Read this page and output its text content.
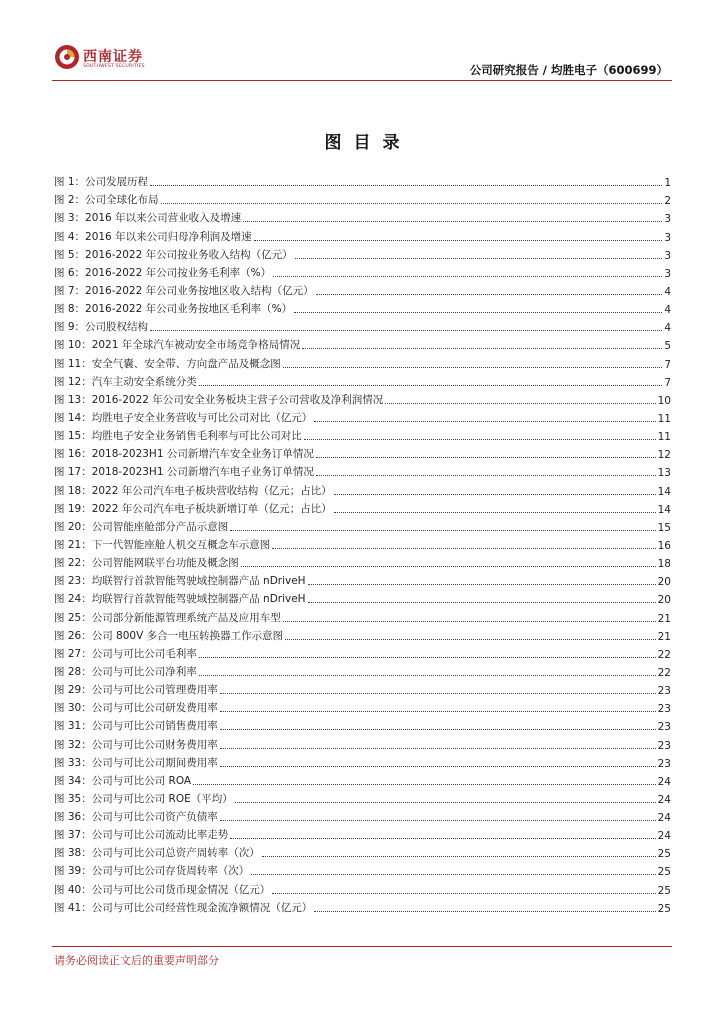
西南证券
SOUTHWEST SECURITIES	公司研究报告 / 均胜电子（600699）
图目录
图 1：公司发展历程	1
图 2：公司全球化布局	2
图 3：2016 年以来公司营业收入及增速	3
图 4：2016 年以来公司归母净利润及增速	3
图 5：2016-2022 年公司按业务收入结构（亿元）	3
图 6：2016-2022 年公司按业务毛利率（%）	3
图 7：2016-2022 年公司业务按地区收入结构（亿元）	4
图 8：2016-2022 年公司业务按地区毛利率（%）	4
图 9：公司股权结构	4
图 10：2021 年全球汽车被动安全市场竞争格局情况	5
图 11：安全气囊、安全带、方向盘产品及概念图	7
图 12：汽车主动安全系统分类	7
图 13：2016-2022 年公司安全业务板块主营子公司营收及净利润情况	10
图 14：均胜电子安全业务营收与可比公司对比（亿元）	11
图 15：均胜电子安全业务销售毛利率与可比公司对比	11
图 16：2018-2023H1 公司新增汽车安全业务订单情况	12
图 17：2018-2023H1 公司新增汽车电子业务订单情况	13
图 18：2022 年公司汽车电子板块营收结构（亿元；占比）	14
图 19：2022 年公司汽车电子板块新增订单（亿元；占比）	14
图 20：公司智能座舱部分产品示意图	15
图 21：下一代智能座舱人机交互概念车示意图	16
图 22：公司智能网联平台功能及概念图	18
图 23：均联智行首款智能驾驶域控制器产品 nDriveH	20
图 24：均联智行首款智能驾驶域控制器产品 nDriveH	20
图 25：公司部分新能源管理系统产品及应用车型	21
图 26：公司 800V 多合一电压转换器工作示意图	21
图 27：公司与可比公司毛利率	22
图 28：公司与可比公司净利率	22
图 29：公司与可比公司管理费用率	23
图 30：公司与可比公司研发费用率	23
图 31：公司与可比公司销售费用率	23
图 32：公司与可比公司财务费用率	23
图 33：公司与可比公司期间费用率	23
图 34：公司与可比公司 ROA	24
图 35：公司与可比公司 ROE（平均）	24
图 36：公司与可比公司资产负债率	24
图 37：公司与可比公司流动比率走势	24
图 38：公司与可比公司总资产周转率（次）	25
图 39：公司与可比公司存货周转率（次）	25
图 40：公司与可比公司货币现金情况（亿元）	25
图 41：公司与可比公司经营性现金流净额情况（亿元）	25
请务必阅读正文后的重要声明部分
